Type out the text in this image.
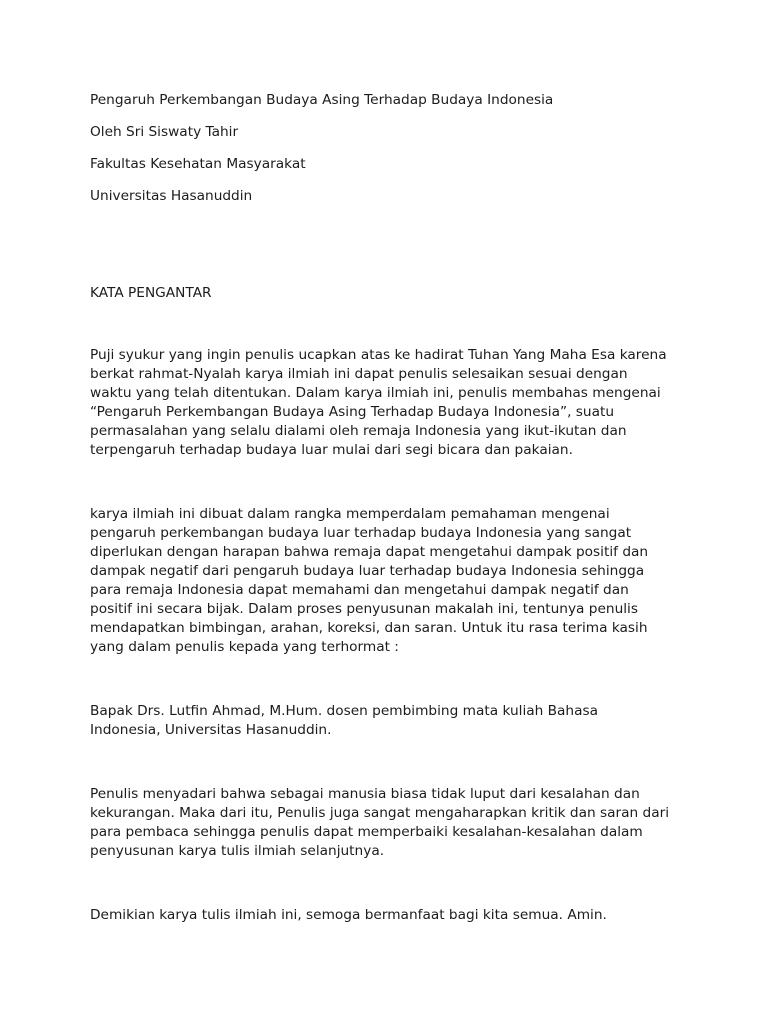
Pengaruh Perkembangan Budaya Asing Terhadap Budaya Indonesia
Oleh Sri Siswaty Tahir
Fakultas Kesehatan Masyarakat
Universitas Hasanuddin
KATA PENGANTAR
Puji syukur yang ingin penulis ucapkan atas ke hadirat Tuhan Yang Maha Esa karena
berkat rahmat-Nyalah karya ilmiah ini dapat penulis selesaikan sesuai dengan
waktu yang telah ditentukan. Dalam karya ilmiah ini, penulis membahas mengenai
“Pengaruh Perkembangan Budaya Asing Terhadap Budaya Indonesia”, suatu
permasalahan yang selalu dialami oleh remaja Indonesia yang ikut-ikutan dan
terpengaruh terhadap budaya luar mulai dari segi bicara dan pakaian.
karya ilmiah ini dibuat dalam rangka memperdalam pemahaman mengenai
pengaruh perkembangan budaya luar terhadap budaya Indonesia yang sangat
diperlukan dengan harapan bahwa remaja dapat mengetahui dampak positif dan
dampak negatif dari pengaruh budaya luar terhadap budaya Indonesia sehingga
para remaja Indonesia dapat memahami dan mengetahui dampak negatif dan
positif ini secara bijak. Dalam proses penyusunan makalah ini, tentunya penulis
mendapatkan bimbingan, arahan, koreksi, dan saran. Untuk itu rasa terima kasih
yang dalam penulis kepada yang terhormat :
Bapak Drs. Lutfin Ahmad, M.Hum. dosen pembimbing mata kuliah Bahasa
Indonesia, Universitas Hasanuddin.
Penulis menyadari bahwa sebagai manusia biasa tidak luput dari kesalahan dan
kekurangan. Maka dari itu, Penulis juga sangat mengaharapkan kritik dan saran dari
para pembaca sehingga penulis dapat memperbaiki kesalahan-kesalahan dalam
penyusunan karya tulis ilmiah selanjutnya.
Demikian karya tulis ilmiah ini, semoga bermanfaat bagi kita semua. Amin.
